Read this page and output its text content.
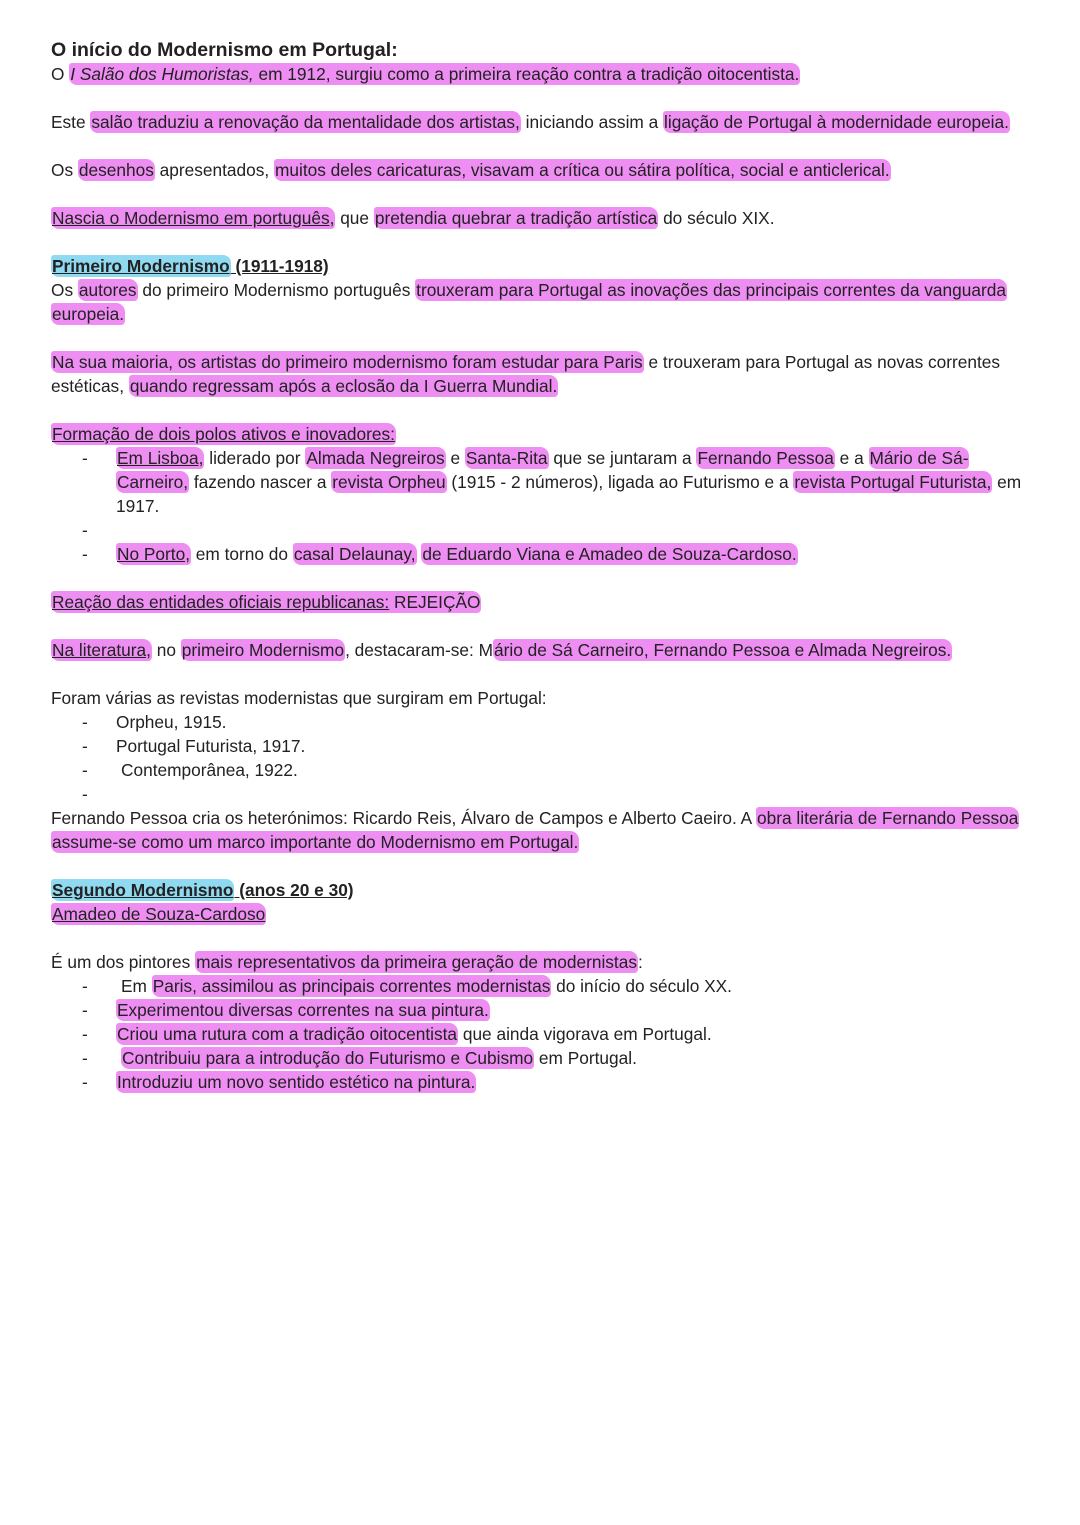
O início do Modernismo em Portugal:

O I Salão dos Humoristas, em 1912, surgiu como a primeira reação contra a tradição oitocentista.

Este salão traduziu a renovação da mentalidade dos artistas, iniciando assim a ligação de Portugal à modernidade europeia.

Os desenhos apresentados, muitos deles caricaturas, visavam a crítica ou sátira política, social e anticlerical.

Nascia o Modernismo em português, que pretendia quebrar a tradição artística do século XIX.

Primeiro Modernismo (1911-1918)

Os autores do primeiro Modernismo português trouxeram para Portugal as inovações das principais correntes da vanguarda europeia.

Na sua maioria, os artistas do primeiro modernismo foram estudar para Paris e trouxeram para Portugal as novas correntes estéticas, quando regressam após a eclosão da I Guerra Mundial.

Formação de dois polos ativos e inovadores:

- Em Lisboa, liderado por Almada Negreiros e Santa-Rita que se juntaram a Fernando Pessoa e a Mário de Sá-Carneiro, fazendo nascer a revista Orpheu (1915 - 2 números), ligada ao Futurismo e a revista Portugal Futurista, em 1917.
-
- No Porto, em torno do casal Delaunay, de Eduardo Viana e Amadeo de Souza-Cardoso.

Reação das entidades oficiais republicanas: REJEIÇÃO

Na literatura, no primeiro Modernismo, destacaram-se: Mário de Sá Carneiro, Fernando Pessoa e Almada Negreiros.

Foram várias as revistas modernistas que surgiram em Portugal:

- Orpheu, 1915.
- Portugal Futurista, 1917.
- Contemporânea, 1922.
-

Fernando Pessoa cria os heterónimos: Ricardo Reis, Álvaro de Campos e Alberto Caeiro. A obra literária de Fernando Pessoa assume-se como um marco importante do Modernismo em Portugal.

Segundo Modernismo (anos 20 e 30)

Amadeo de Souza-Cardoso

É um dos pintores mais representativos da primeira geração de modernistas:

- Em Paris, assimilou as principais correntes modernistas do início do século XX.
- Experimentou diversas correntes na sua pintura.
- Criou uma rutura com a tradição oitocentista que ainda vigorava em Portugal.
- Contribuiu para a introdução do Futurismo e Cubismo em Portugal.
- Introduziu um novo sentido estético na pintura.
